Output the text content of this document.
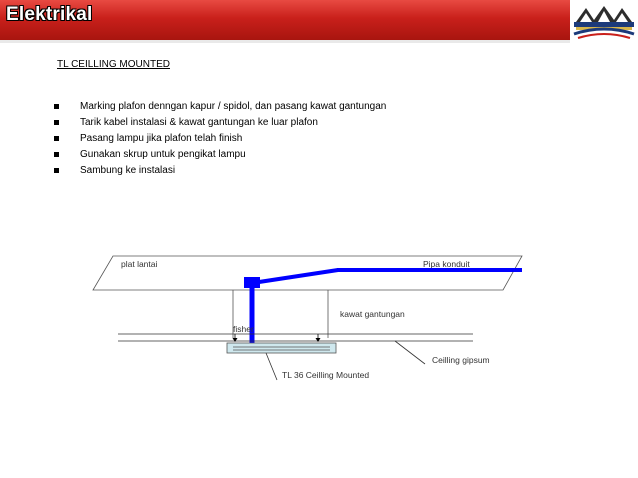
Elektrikal
TL CEILLING MOUNTED
Marking plafon denngan kapur / spidol, dan pasang kawat gantungan
Tarik kabel instalasi & kawat gantungan ke luar plafon
Pasang lampu jika plafon telah finish
Gunakan skrup untuk pengikat lampu
Sambung ke instalasi
plat lantai	Pipa konduit
kawat gantungan
fisher
Ceilling gipsum
TL 36 Ceilling Mounted
